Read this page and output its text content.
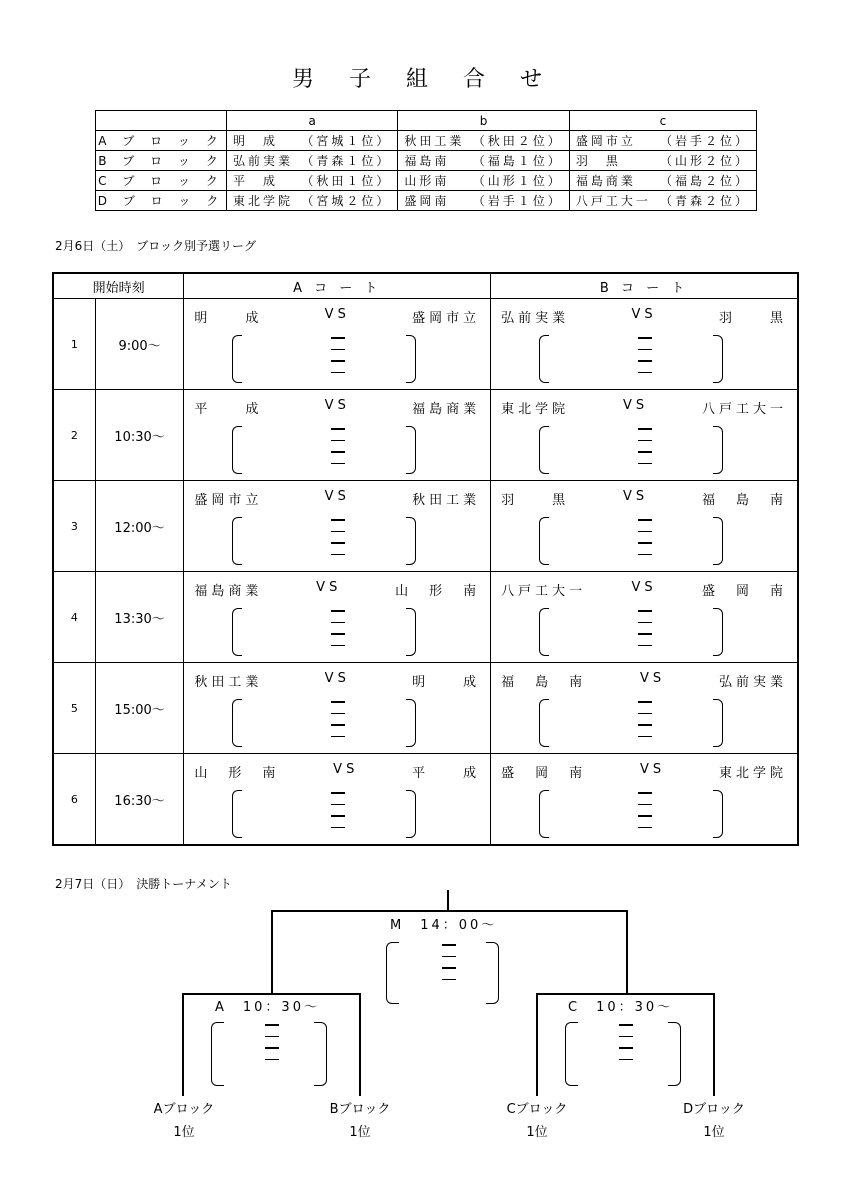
男 子 組 合 せ
	a	b	c
A ブ ロ ッ ク	明　成 （宮城１位）	秋田工業 （秋田２位）	盛岡市立 （岩手２位）

B ブ ロ ッ ク	弘前実業 （青森１位）	福島南 （福島１位）	羽　黒 （山形２位）

C ブ ロ ッ ク	平　成 （秋田１位）	山形南 （山形１位）	福島商業 （福島２位）

D ブ ロ ッ ク	東北学院 （宮城２位）	盛岡南 （岩手１位）	八戸工大一 （青森２位）
2月6日（土）　ブロック別予選リーグ
開始時刻		A コ ー ト	B コ ー ト
1	9:00～	明　　成 VS 盛岡市立	弘前実業 VS 羽　　黒

2	10:30～	平　　成 VS 福島商業	東北学院 VS 八戸工大一

3	12:00～	盛岡市立 VS 秋田工業	羽　　黒 VS 福　島　南

4	13:30～	福島商業 VS 山　形　南	八戸工大一 VS 盛　岡　南

5	15:00～	秋田工業 VS 明　　成	福　島　南 VS 弘前実業

6	16:30～	山　形　南 VS 平　　成	盛　岡　南 VS 東北学院
2月7日（日）　決勝トーナメント
M　14：00～
A　10：30～	C　10：30～
Aブロック
1位
Bブロック
1位
Cブロック
1位
Dブロック
1位
